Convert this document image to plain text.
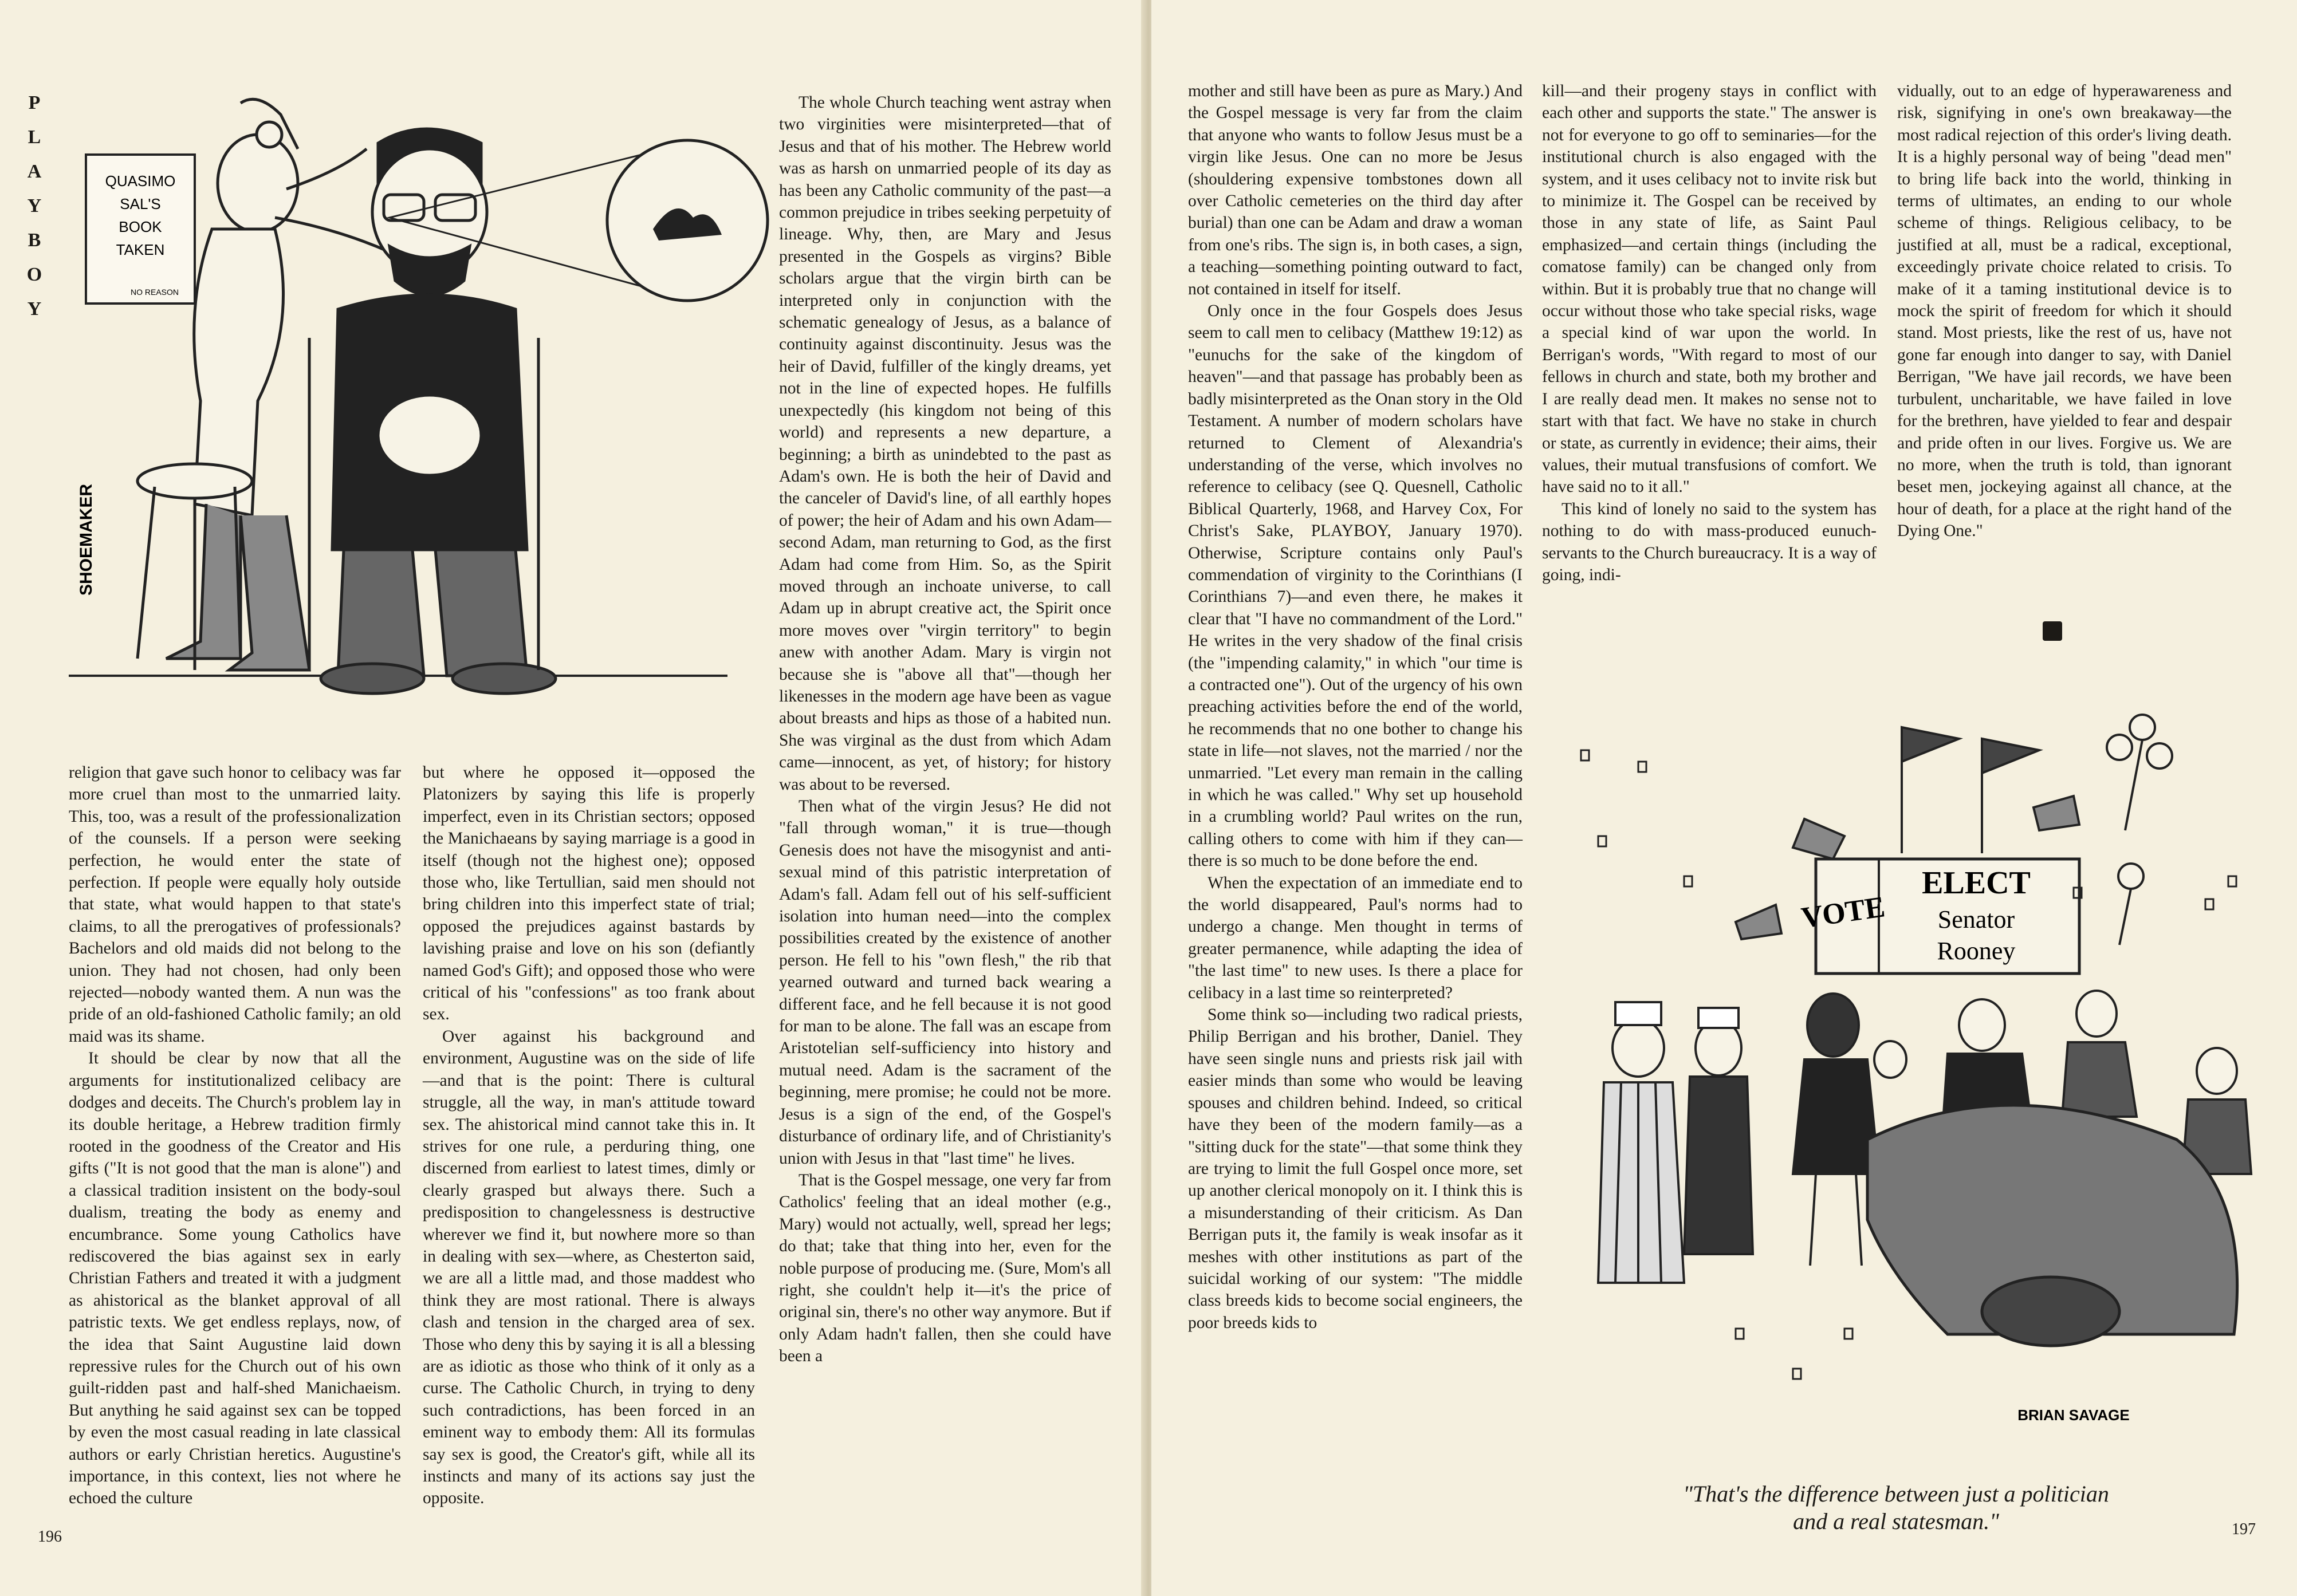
PLAYBOY
QUASIMO
SAL'S
BOOK
TAKEN
NO REASON
SHOEMAKER

religion that gave such honor to celibacy was far more cruel than most to the unmarried laity. This, too, was a result of the professionalization of the counsels. If a person were seeking perfection, he would enter the state of perfection. If people were equally holy outside that state, what would happen to that state's claims, to all the prerogatives of professionals? Bachelors and old maids did not belong to the union. They had not chosen, had only been rejected—nobody wanted them. A nun was the pride of an old-fashioned Catholic family; an old maid was its shame.

It should be clear by now that all the arguments for institutionalized celibacy are dodges and deceits. The Church's problem lay in its double heritage, a Hebrew tradition firmly rooted in the goodness of the Creator and His gifts ("It is not good that the man is alone") and a classical tradition insistent on the body-soul dualism, treating the body as enemy and encumbrance. Some young Catholics have rediscovered the bias against sex in early Christian Fathers and treated it with a judgment as ahistorical as the blanket approval of all patristic texts. We get endless replays, now, of the idea that Saint Augustine laid down repressive rules for the Church out of his own guilt-ridden past and half-shed Manichaeism. But anything he said against sex can be topped by even the most casual reading in late classical authors or early Christian heretics. Augustine's importance, in this context, lies not where he echoed the culture

but where he opposed it—opposed the Platonizers by saying this life is properly imperfect, even in its Christian sectors; opposed the Manichaeans by saying marriage is a good in itself (though not the highest one); opposed those who, like Tertullian, said men should not bring children into this imperfect state of trial; opposed the prejudices against bastards by lavishing praise and love on his son (defiantly named God's Gift); and opposed those who were critical of his "confessions" as too frank about sex.

Over against his background and environment, Augustine was on the side of life—and that is the point: There is cultural struggle, all the way, in man's attitude toward sex. The ahistorical mind cannot take this in. It strives for one rule, a perduring thing, one discerned from earliest to latest times, dimly or clearly grasped but always there. Such a predisposition to changelessness is destructive wherever we find it, but nowhere more so than in dealing with sex—where, as Chesterton said, we are all a little mad, and those maddest who think they are most rational. There is always clash and tension in the charged area of sex. Those who deny this by saying it is all a blessing are as idiotic as those who think of it only as a curse. The Catholic Church, in trying to deny such contradictions, has been forced in an eminent way to embody them: All its formulas say sex is good, the Creator's gift, while all its instincts and many of its actions say just the opposite.

The whole Church teaching went astray when two virginities were misinterpreted—that of Jesus and that of his mother. The Hebrew world was as harsh on unmarried people of its day as has been any Catholic community of the past—a common prejudice in tribes seeking perpetuity of lineage. Why, then, are Mary and Jesus presented in the Gospels as virgins? Bible scholars argue that the virgin birth can be interpreted only in conjunction with the schematic genealogy of Jesus, as a balance of continuity against discontinuity. Jesus was the heir of David, fulfiller of the kingly dreams, yet not in the line of expected hopes. He fulfills unexpectedly (his kingdom not being of this world) and represents a new departure, a beginning; a birth as unindebted to the past as Adam's own. He is both the heir of David and the canceler of David's line, of all earthly hopes of power; the heir of Adam and his own Adam—second Adam, man returning to God, as the first Adam had come from Him. So, as the Spirit moved through an inchoate universe, to call Adam up in abrupt creative act, the Spirit once more moves over "virgin territory" to begin anew with another Adam. Mary is virgin not because she is "above all that"—though her likenesses in the modern age have been as vague about breasts and hips as those of a habited nun. She was virginal as the dust from which Adam came—innocent, as yet, of history; for history was about to be reversed.

Then what of the virgin Jesus? He did not "fall through woman," it is true—though Genesis does not have the misogynist and anti-sexual mind of this patristic interpretation of Adam's fall. Adam fell out of his self-sufficient isolation into human need—into the complex possibilities created by the existence of another person. He fell to his "own flesh," the rib that yearned outward and turned back wearing a different face, and he fell because it is not good for man to be alone. The fall was an escape from Aristotelian self-sufficiency into history and mutual need. Adam is the sacrament of the beginning, mere promise; he could not be more. Jesus is a sign of the end, of the Gospel's disturbance of ordinary life, and of Christianity's union with Jesus in that "last time" he lives.

That is the Gospel message, one very far from Catholics' feeling that an ideal mother (e.g., Mary) would not actually, well, spread her legs; do that; take that thing into her, even for the noble purpose of producing me. (Sure, Mom's all right, she couldn't help it—it's the price of original sin, there's no other way anymore. But if only Adam hadn't fallen, then she could have been a

196

mother and still have been as pure as Mary.) And the Gospel message is very far from the claim that anyone who wants to follow Jesus must be a virgin like Jesus. One can no more be Jesus (shouldering expensive tombstones down all over Catholic cemeteries on the third day after burial) than one can be Adam and draw a woman from one's ribs. The sign is, in both cases, a sign, a teaching—something pointing outward to fact, not contained in itself for itself.

Only once in the four Gospels does Jesus seem to call men to celibacy (Matthew 19:12) as "eunuchs for the sake of the kingdom of heaven"—and that passage has probably been as badly misinterpreted as the Onan story in the Old Testament. A number of modern scholars have returned to Clement of Alexandria's understanding of the verse, which involves no reference to celibacy (see Q. Quesnell, Catholic Biblical Quarterly, 1968, and Harvey Cox, For Christ's Sake, PLAYBOY, January 1970). Otherwise, Scripture contains only Paul's commendation of virginity to the Corinthians (I Corinthians 7)—and even there, he makes it clear that "I have no commandment of the Lord." He writes in the very shadow of the final crisis (the "impending calamity," in which "our time is a contracted one"). Out of the urgency of his own preaching activities before the end of the world, he recommends that no one bother to change his state in life—not slaves, not the married / nor the unmarried. "Let every man remain in the calling in which he was called." Why set up household in a crumbling world? Paul writes on the run, calling others to come with him if they can—there is so much to be done before the end.

When the expectation of an immediate end to the world disappeared, Paul's norms had to undergo a change. Men thought in terms of greater permanence, while adapting the idea of "the last time" to new uses. Is there a place for celibacy in a last time so reinterpreted?

Some think so—including two radical priests, Philip Berrigan and his brother, Daniel. They have seen single nuns and priests risk jail with easier minds than some who would be leaving spouses and children behind. Indeed, so critical have they been of the modern family—as a "sitting duck for the state"—that some think they are trying to limit the full Gospel once more, set up another clerical monopoly on it. I think this is a misunderstanding of their criticism. As Dan Berrigan puts it, the family is weak insofar as it meshes with other institutions as part of the suicidal working of our system: "The middle class breeds kids to become social engineers, the poor breeds kids to

kill—and their progeny stays in conflict with each other and supports the state." The answer is not for everyone to go off to seminaries—for the institutional church is also engaged with the system, and it uses celibacy not to invite risk but to minimize it. The Gospel can be received by those in any state of life, as Saint Paul emphasized—and certain things (including the comatose family) can be changed only from within. But it is probably true that no change will occur without those who take special risks, wage a special kind of war upon the world. In Berrigan's words, "With regard to most of our fellows in church and state, both my brother and I are really dead men. It makes no sense not to start with that fact. We have no stake in church or state, as currently in evidence; their aims, their values, their mutual transfusions of comfort. We have said no to it all."

This kind of lonely no said to the system has nothing to do with mass-produced eunuch-servants to the Church bureaucracy. It is a way of going, indi-

vidually, out to an edge of hyperawareness and risk, signifying in one's own breakaway—the most radical rejection of this order's living death. It is a highly personal way of being "dead men" to bring life back into the world, thinking in terms of ultimates, an ending to our whole scheme of things. Religious celibacy, to be justified at all, must be a radical, exceptional, exceedingly private choice related to crisis. To make of it a taming institutional device is to mock the spirit of freedom for which it should stand. Most priests, like the rest of us, have not gone far enough into danger to say, with Daniel Berrigan, "We have jail records, we have been turbulent, uncharitable, we have failed in love for the brethren, have yielded to fear and despair and pride often in our lives. Forgive us. We are no more, when the truth is told, than ignorant beset men, jockeying against all chance, at the hour of death, for a place at the right hand of the Dying One."

VOTE
ELECT
Senator
Rooney
BRIAN SAVAGE
"That's the difference between just a politician
and a real statesman."	197
